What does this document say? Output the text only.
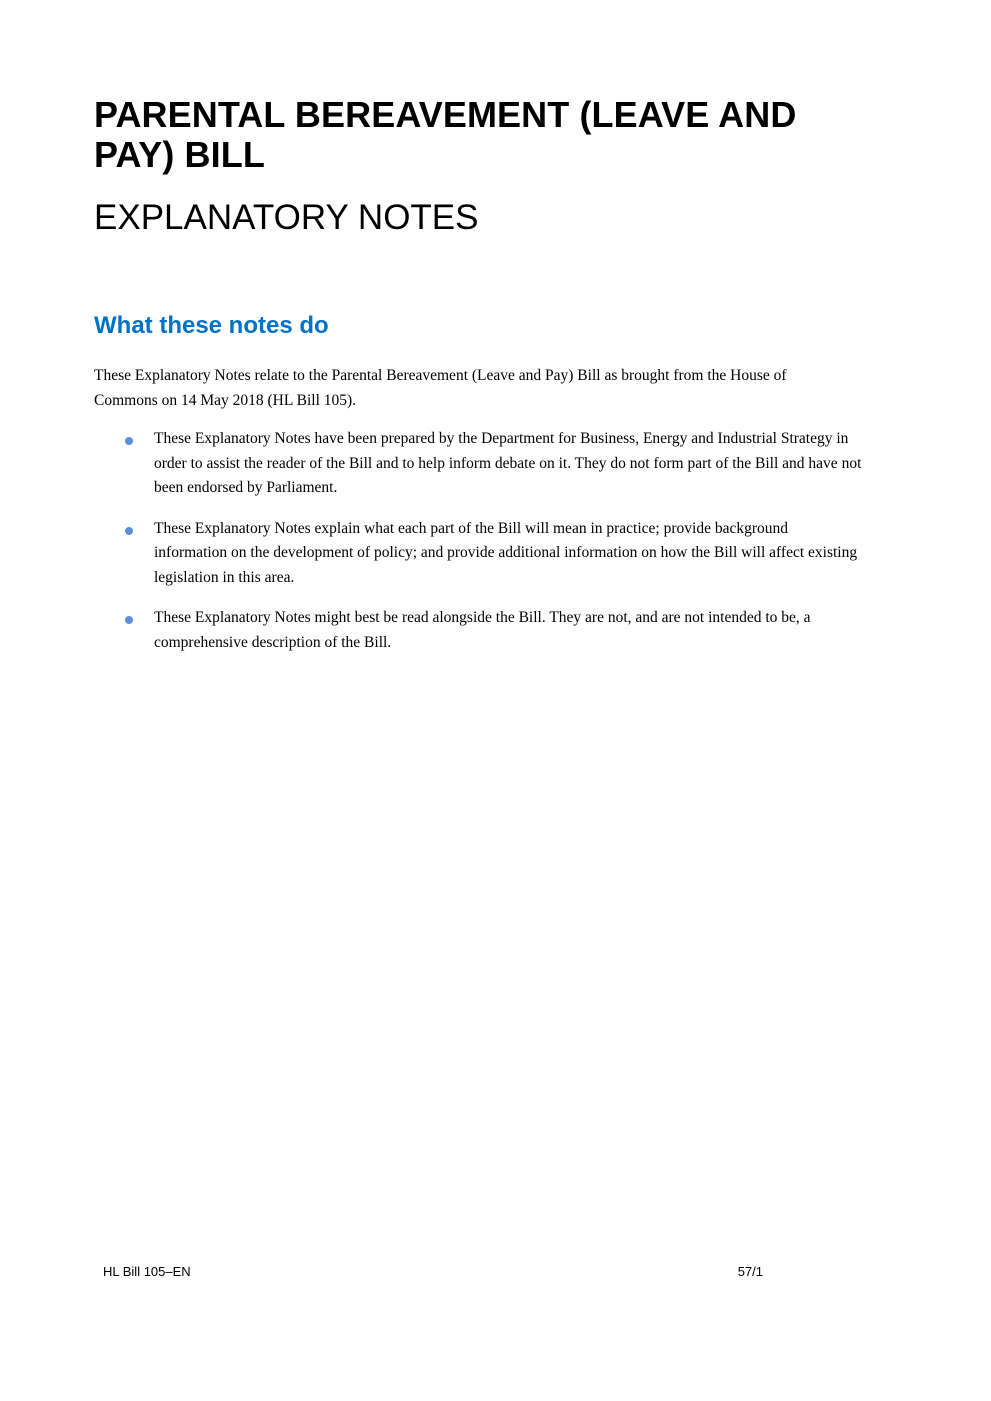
PARENTAL BEREAVEMENT (LEAVE AND PAY) BILL
EXPLANATORY NOTES
What these notes do

These Explanatory Notes relate to the Parental Bereavement (Leave and Pay) Bill as brought from the House of Commons on 14 May 2018 (HL Bill 105).

These Explanatory Notes have been prepared by the Department for Business, Energy and Industrial Strategy in order to assist the reader of the Bill and to help inform debate on it. They do not form part of the Bill and have not been endorsed by Parliament.
These Explanatory Notes explain what each part of the Bill will mean in practice; provide background information on the development of policy; and provide additional information on how the Bill will affect existing legislation in this area.
These Explanatory Notes might best be read alongside the Bill. They are not, and are not intended to be, a comprehensive description of the Bill.
HL Bill 105–EN	57/1
